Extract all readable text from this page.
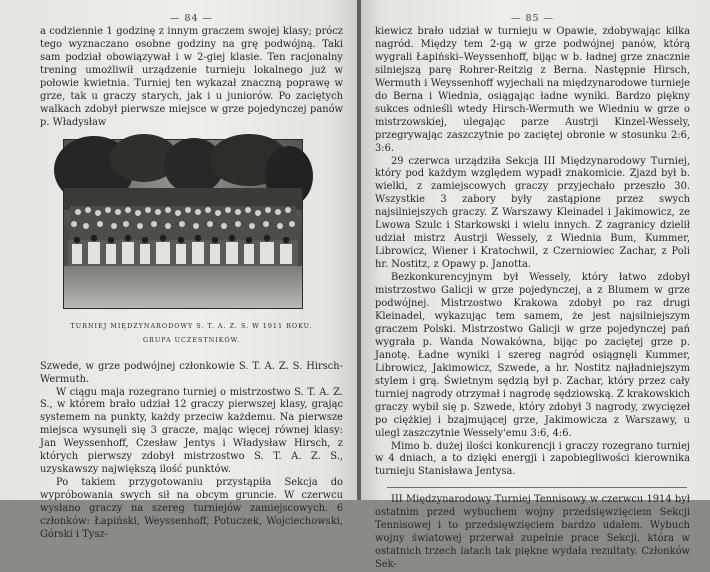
— 84 —

a codziennie 1 godzinę z innym graczem swojej klasy; prócz tego wyznaczano osobne godziny na grę podwójną. Taki sam podział obowiązywał i w 2-giej klasie. Ten racjonalny trening umożliwił urządzenie turnieju lokalnego już w połowie kwietnia. Turniej ten wykazał znaczną poprawę w grze, tak u graczy starych, jak i u juniorów. Po zaciętych walkach zdobył pierwsze miejsce w grze pojedynczej panów p. Władysław

TURNIEJ MIĘDZYNARODOWY S. T. A. Z. S. W 1911 ROKU.
GRUPA UCZESTNIKÓW.

Szwede, w grze podwójnej członkowie S. T. A. Z. S. Hirsch-Wermuth.

W ciągu maja rozegrano turniej o mistrzostwo S. T. A. Z. S., w którem brało udział 12 graczy pierwszej klasy, grając systemem na punkty, każdy przeciw każdemu. Na pierwsze miejsca wysunęli się 3 gracze, mając więcej równej klasy: Jan Weyssenhoff, Czesław Jentys i Władysław Hirsch, z których pierwszy zdobył mistrzostwo S. T. A. Z. S., uzyskawszy największą ilość punktów.

Po takiem przygotowaniu przystąpiła Sekcja do wypróbowania swych sił na obcym gruncie. W czerwcu wysłano graczy na szereg turniejów zamiejscowych. 6 członków: Łapiński, Weyssenhoff, Potuczek, Wojciechowski, Górski i Tysz-

— 85 —

kiewicz brało udział w turnieju w Opawie, zdobywając kilka nagród. Między tem 2-gą w grze podwójnej panów, którą wygrali Łapiński–Weyssenhoff, bijąc w b. ładnej grze znacznie silniejszą parę Rohrer-Reitzig z Berna. Następnie Hirsch, Wermuth i Weyssenhoff wyjechali na międzynarodowe turnieje do Berna i Wiednia, osiągając ładne wyniki. Bardzo piękny sukces odnieśli wtedy Hirsch-Wermuth we Wiedniu w grze o mistrzowskiej, ulegając parze Austrji Kinzel-Wessely, przegrywając zaszczytnie po zaciętej obronie w stosunku 2:6, 3:6.

29 czerwca urządziła Sekcja III Międzynarodowy Turniej, który pod każdym względem wypadł znakomicie. Zjazd był b. wielki, z zamiejscowych graczy przyjechało przeszło 30. Wszystkie 3 zabory były zastąpione przez swych najsilniejszych graczy. Z Warszawy Kleinadel i Jakimowicz, ze Lwowa Szulc i Starkowski i wielu innych. Z zagranicy dzielił udział mistrz Austrji Wessely, z Wiednia Bum, Kummer, Librowicz, Wiener i Kratochwil, z Czerniowiec Zachar, z Poli hr. Nostitz, z Opawy p. Janotta.

Bezkonkurencyjnym był Wessely, który łatwo zdobył mistrzostwo Galicji w grze pojedynczej, a z Blumem w grze podwójnej. Mistrzostwo Krakowa zdobył po raz drugi Kleinadel, wykazując tem samem, że jest najsilniejszym graczem Polski. Mistrzostwo Galicji w grze pojedynczej pań wygrała p. Wanda Nowakówna, bijąc po zaciętej grze p. Janotę. Ładne wyniki i szereg nagród osiągnęli Kummer, Librowicz, Jakimowicz, Szwede, a hr. Nostitz najładniejszym stylem i grą. Świetnym sędzią był p. Zachar, który przez cały turniej nagrody otrzymał i nagrodę sędziowską. Z krakowskich graczy wybił się p. Szwede, który zdobył 3 nagrody, zwycięzeł po ciężkiej i bzajmującej grze, Jakimowicza z Warszawy, u ulegl zaszczytnie Wessely'emu 3:6, 4:6.

Mimo b. dużej ilości konkurencji i graczy rozegrano turniej w 4 dniach, a to dzięki energji i zapobiegliwości kierownika turnieju Stanisława Jentysa.

III Międzynarodowy Turniej Tennisowy w czerwcu 1914 był ostatnim przed wybuchem wojny przedsięwzięciem Sekcji Tennisowej i to przedsięwzięciem bardzo udałem. Wybuch wojny światowej przerwał zupełnie prace Sekcji, która w ostatnich trzech latach tak piękne wydała rezultaty. Członków Sek-
